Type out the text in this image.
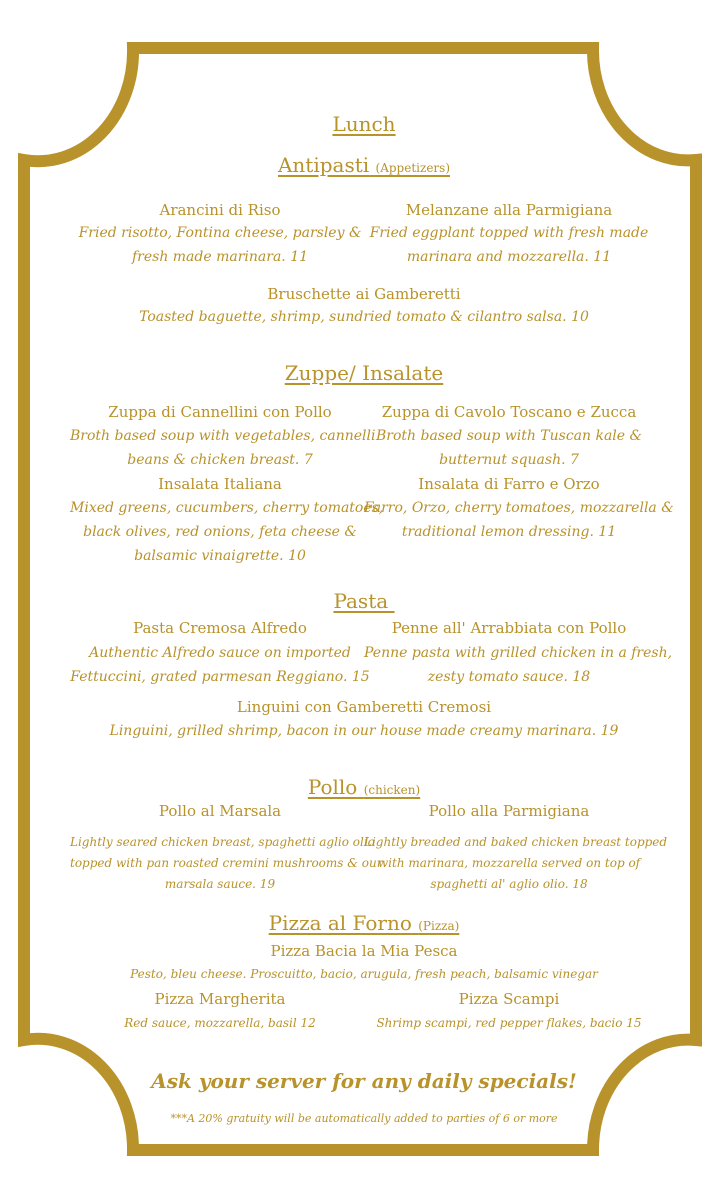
Lunch
Antipasti (Appetizers)
Arancini di Riso
Fried risotto, Fontina cheese, parsley &
fresh made marinara. 11
Melanzane alla Parmigiana
Fried eggplant topped with fresh made
marinara and mozzarella. 11
Bruschette ai Gamberetti
Toasted baguette, shrimp, sundried tomato & cilantro salsa. 10
Zuppe/ Insalate
Zuppa di Cannellini con Pollo
Broth based soup with vegetables, cannelli
beans & chicken breast. 7
Zuppa di Cavolo Toscano e Zucca
Broth based soup with Tuscan kale &
butternut squash. 7
Insalata Italiana
Mixed greens, cucumbers, cherry tomatoes,
black olives, red onions, feta cheese &
balsamic vinaigrette. 10
Insalata di Farro e Orzo
Farro, Orzo, cherry tomatoes, mozzarella &
traditional lemon dressing. 11
Pasta
Pasta Cremosa Alfredo
Authentic Alfredo sauce on imported
Fettuccini, grated parmesan Reggiano. 15
Penne all' Arrabbiata con Pollo
Penne pasta with grilled chicken in a fresh,
zesty tomato sauce. 18
Linguini con Gamberetti Cremosi
Linguini, grilled shrimp, bacon in our house made creamy marinara. 19
Pollo (chicken)
Pollo al Marsala
Lightly seared chicken breast, spaghetti aglio olio
topped with pan roasted cremini mushrooms & our
marsala sauce. 19
Pollo alla Parmigiana
Lightly breaded and baked chicken breast topped
with marinara, mozzarella served on top of
spaghetti al' aglio olio. 18
Pizza al Forno (Pizza)
Pizza Bacia la Mia Pesca
Pesto, bleu cheese. Proscuitto, bacio, arugula, fresh peach, balsamic vinegar
Pizza Margherita
Red sauce, mozzarella, basil 12
Pizza Scampi
Shrimp scampi, red pepper flakes, bacio 15
Ask your server for any daily specials!
***A 20% gratuity will be automatically added to parties of 6 or more
